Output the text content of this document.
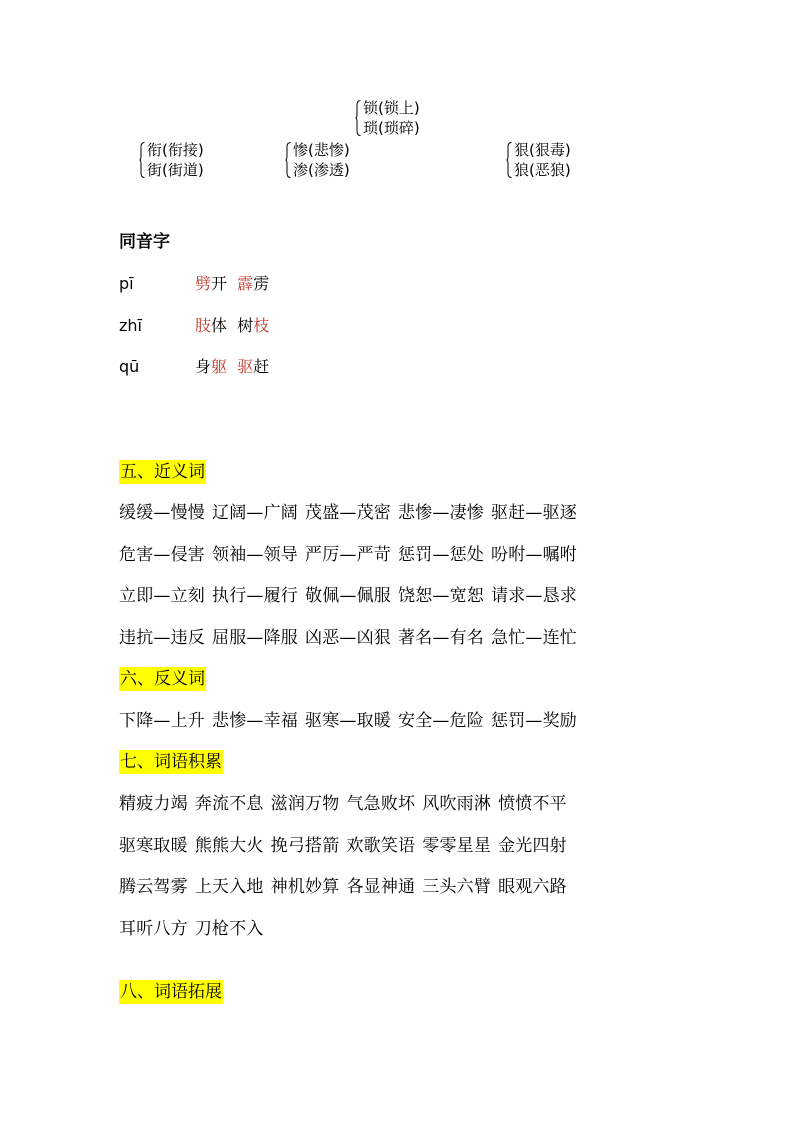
锁(锁上)
琐(琐碎)
衔(衔接)
街(街道)
惨(悲惨)
渗(渗透)
狠(狠毒)
狼(恶狼)
同音字
pī	劈开 霹雳
zhī	肢体 树枝
qū	身躯 驱赶
五、近义词
缓缓—慢慢 辽阔—广阔 茂盛—茂密 悲惨—凄惨 驱赶—驱逐
危害—侵害 领袖—领导 严厉—严苛 惩罚—惩处 吩咐—嘱咐
立即—立刻 执行—履行 敬佩—佩服 饶恕—宽恕 请求—恳求
违抗—违反 屈服—降服 凶恶—凶狠 著名—有名 急忙—连忙
六、反义词
下降—上升 悲惨—幸福 驱寒—取暖 安全—危险 惩罚—奖励
七、词语积累
精疲力竭 奔流不息 滋润万物 气急败坏 风吹雨淋 愤愤不平
驱寒取暖 熊熊大火 挽弓搭箭 欢歌笑语 零零星星 金光四射
腾云驾雾 上天入地 神机妙算 各显神通 三头六臂 眼观六路
耳听八方 刀枪不入
八、词语拓展
